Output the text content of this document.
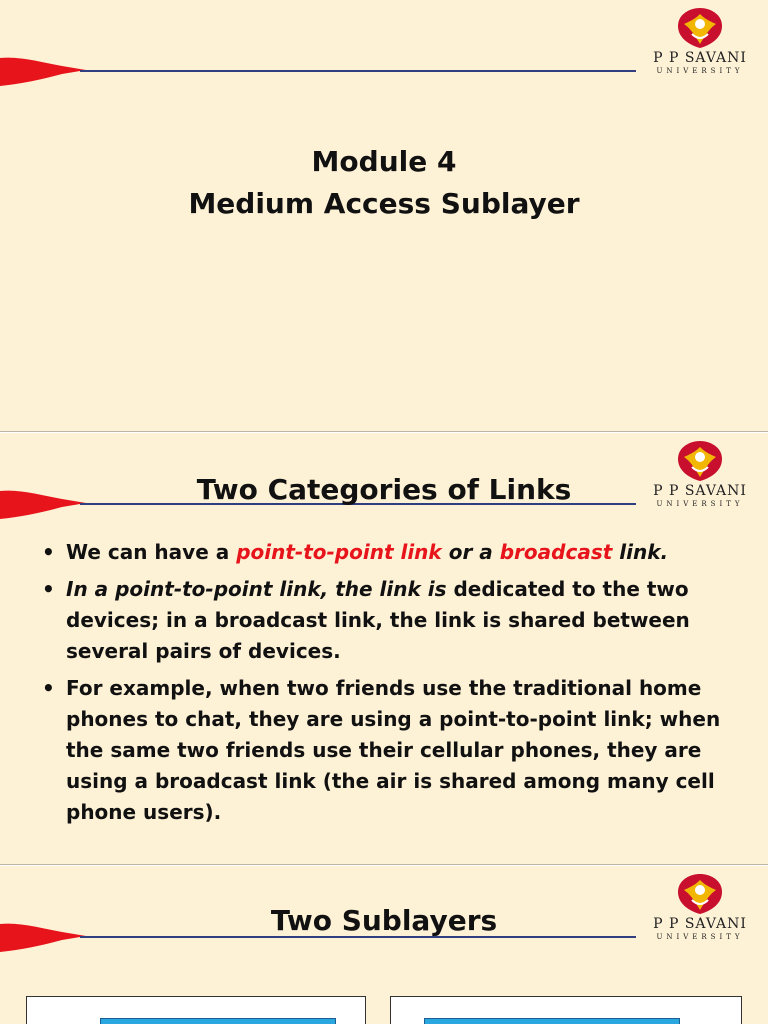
P P SAVANI
UNIVERSITY
Module 4
Medium Access Sublayer
P P SAVANI
UNIVERSITY
Two Categories of Links
• We can have a point-to-point link or a broadcast link.
• In a point-to-point link, the link is dedicated to the two devices; in a broadcast link, the link is shared between several pairs of devices.
• For example, when two friends use the traditional home phones to chat, they are using a point-to-point link; when the same two friends use their cellular phones, they are using a broadcast link (the air is shared among many cell phone users).
P P SAVANI
UNIVERSITY
Two Sublayers
